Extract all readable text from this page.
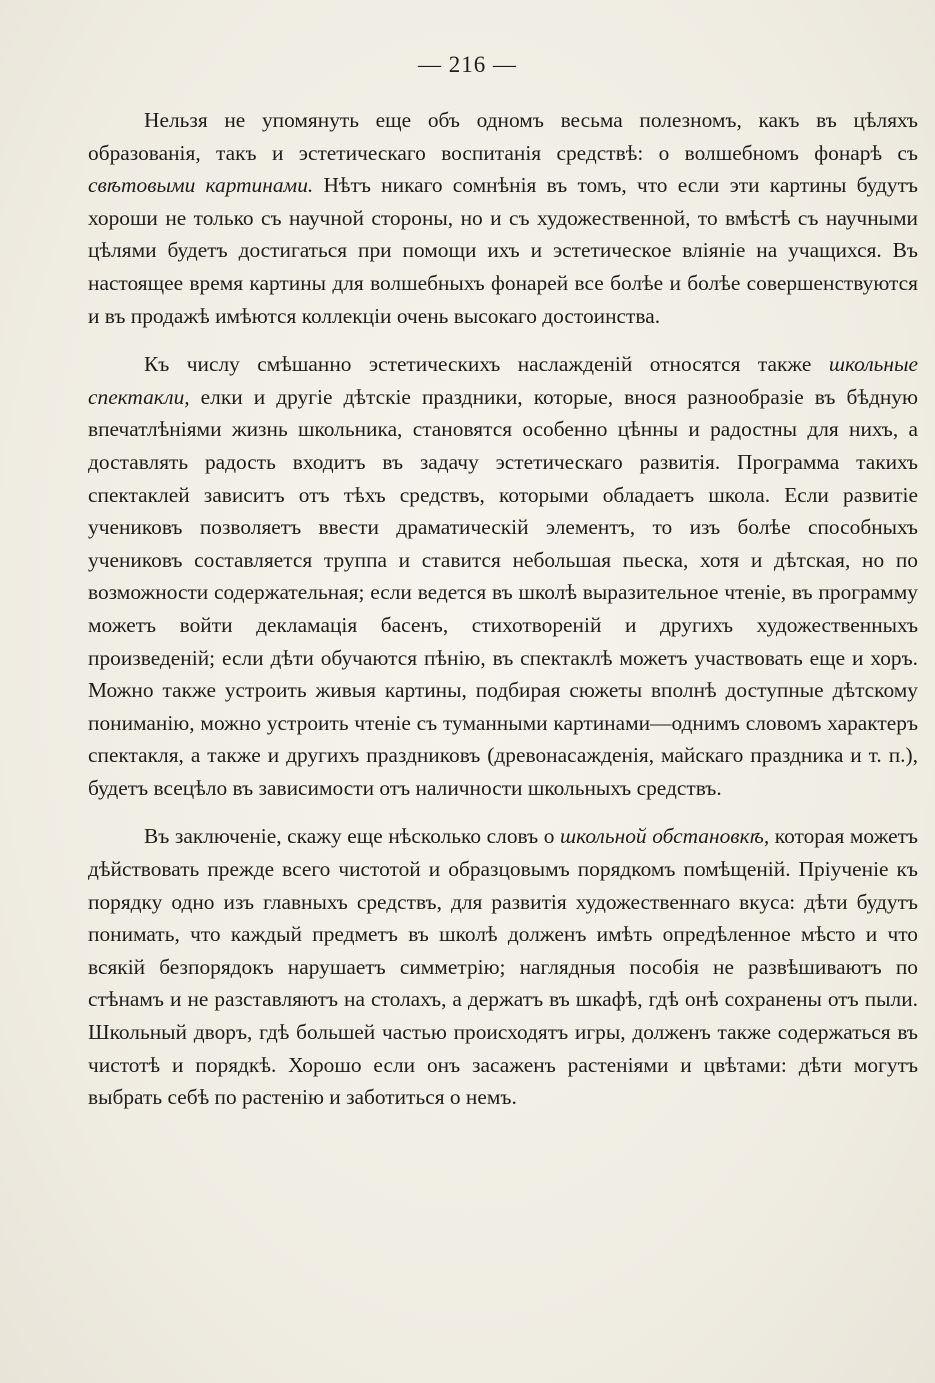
— 216 —

Нельзя не упомянуть еще объ одномъ весьма полезномъ, какъ въ цѣляхъ образованія, такъ и эстетическаго воспитанія средствѣ: о волшебномъ фонарѣ съ свѣтовыми картинами. Нѣтъ никаго сомнѣнія въ томъ, что если эти картины будутъ хороши не только съ научной стороны, но и съ художественной, то вмѣстѣ съ научными цѣлями будетъ достигаться при помощи ихъ и эстетическое вліяніе на учащихся. Въ настоящее время картины для волшебныхъ фонарей все болѣе и болѣе совершенствуются и въ продажѣ имѣются коллекціи очень высокаго достоинства.

Къ числу смѣшанно эстетическихъ наслажденій относятся также школьные спектакли, елки и другіе дѣтскіе праздники, которые, внося разнообразіе въ бѣдную впечатлѣніями жизнь школьника, становятся особенно цѣнны и радостны для нихъ, а доставлять радость входитъ въ задачу эстетическаго развитія. Программа такихъ спектаклей зависитъ отъ тѣхъ средствъ, которыми обладаетъ школа. Если развитіе учениковъ позволяетъ ввести драматическій элементъ, то изъ болѣе способныхъ учениковъ составляется труппа и ставится небольшая пьеска, хотя и дѣтская, но по возможности содержательная; если ведется въ школѣ выразительное чтеніе, въ программу можетъ войти декламація басенъ, стихотвореній и другихъ художественныхъ произведеній; если дѣти обучаются пѣнію, въ спектаклѣ можетъ участвовать еще и хоръ. Можно также устроить живыя картины, подбирая сюжеты вполнѣ доступные дѣтскому пониманію, можно устроить чтеніе съ туманными картинами—однимъ словомъ характеръ спектакля, а также и другихъ праздниковъ (древонасажденія, майскаго праздника и т. п.), будетъ всецѣло въ зависимости отъ наличности школьныхъ средствъ.

Въ заключеніе, скажу еще нѣсколько словъ о школьной обстановкѣ, которая можетъ дѣйствовать прежде всего чистотой и образцовымъ порядкомъ помѣщеній. Пріученіе къ порядку одно изъ главныхъ средствъ, для развитія художественнаго вкуса: дѣти будутъ понимать, что каждый предметъ въ школѣ долженъ имѣть опредѣленное мѣсто и что всякій безпорядокъ нарушаетъ симметрію; наглядныя пособія не развѣшиваютъ по стѣнамъ и не разставляютъ на столахъ, а держатъ въ шкафѣ, гдѣ онѣ сохранены отъ пыли. Школьный дворъ, гдѣ большей частью происходятъ игры, долженъ также содержаться въ чистотѣ и порядкѣ. Хорошо если онъ засаженъ растеніями и цвѣтами: дѣти могутъ выбрать себѣ по растенію и заботиться о немъ.
